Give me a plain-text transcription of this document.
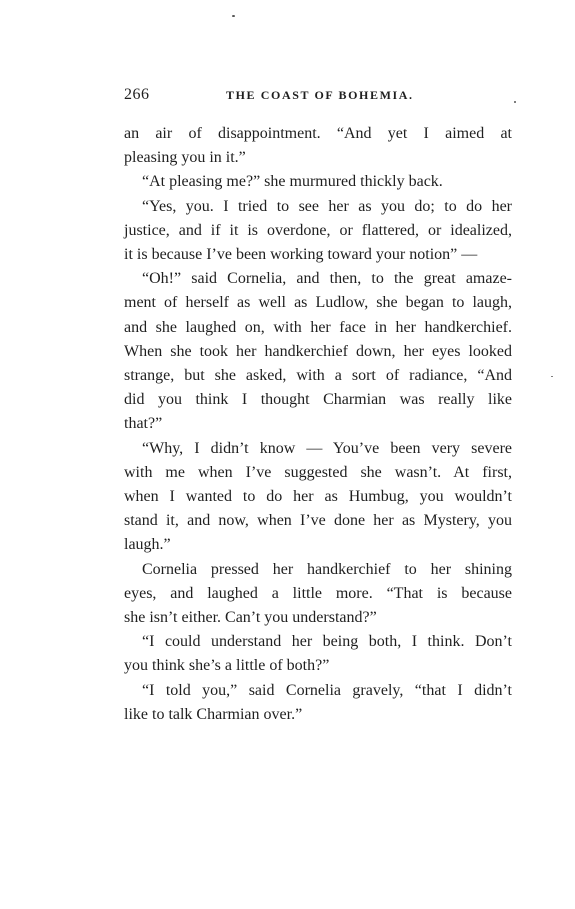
266	THE COAST OF BOHEMIA.

an air of disappointment. “And yet I aimed at

pleasing you in it.”

“At pleasing me?” she murmured thickly back.

“Yes, you. I tried to see her as you do; to do her

justice, and if it is overdone, or flattered, or idealized,

it is because I’ve been working toward your notion” —

“Oh!” said Cornelia, and then, to the great amaze-

ment of herself as well as Ludlow, she began to laugh,

and she laughed on, with her face in her handkerchief.

When she took her handkerchief down, her eyes looked

strange, but she asked, with a sort of radiance, “And

did you think I thought Charmian was really like

that?”

“Why, I didn’t know — You’ve been very severe

with me when I’ve suggested she wasn’t. At first,

when I wanted to do her as Humbug, you wouldn’t

stand it, and now, when I’ve done her as Mystery, you

laugh.”

Cornelia pressed her handkerchief to her shining

eyes, and laughed a little more. “That is because

she isn’t either. Can’t you understand?”

“I could understand her being both, I think. Don’t

you think she’s a little of both?”

“I told you,” said Cornelia gravely, “that I didn’t

like to talk Charmian over.”
